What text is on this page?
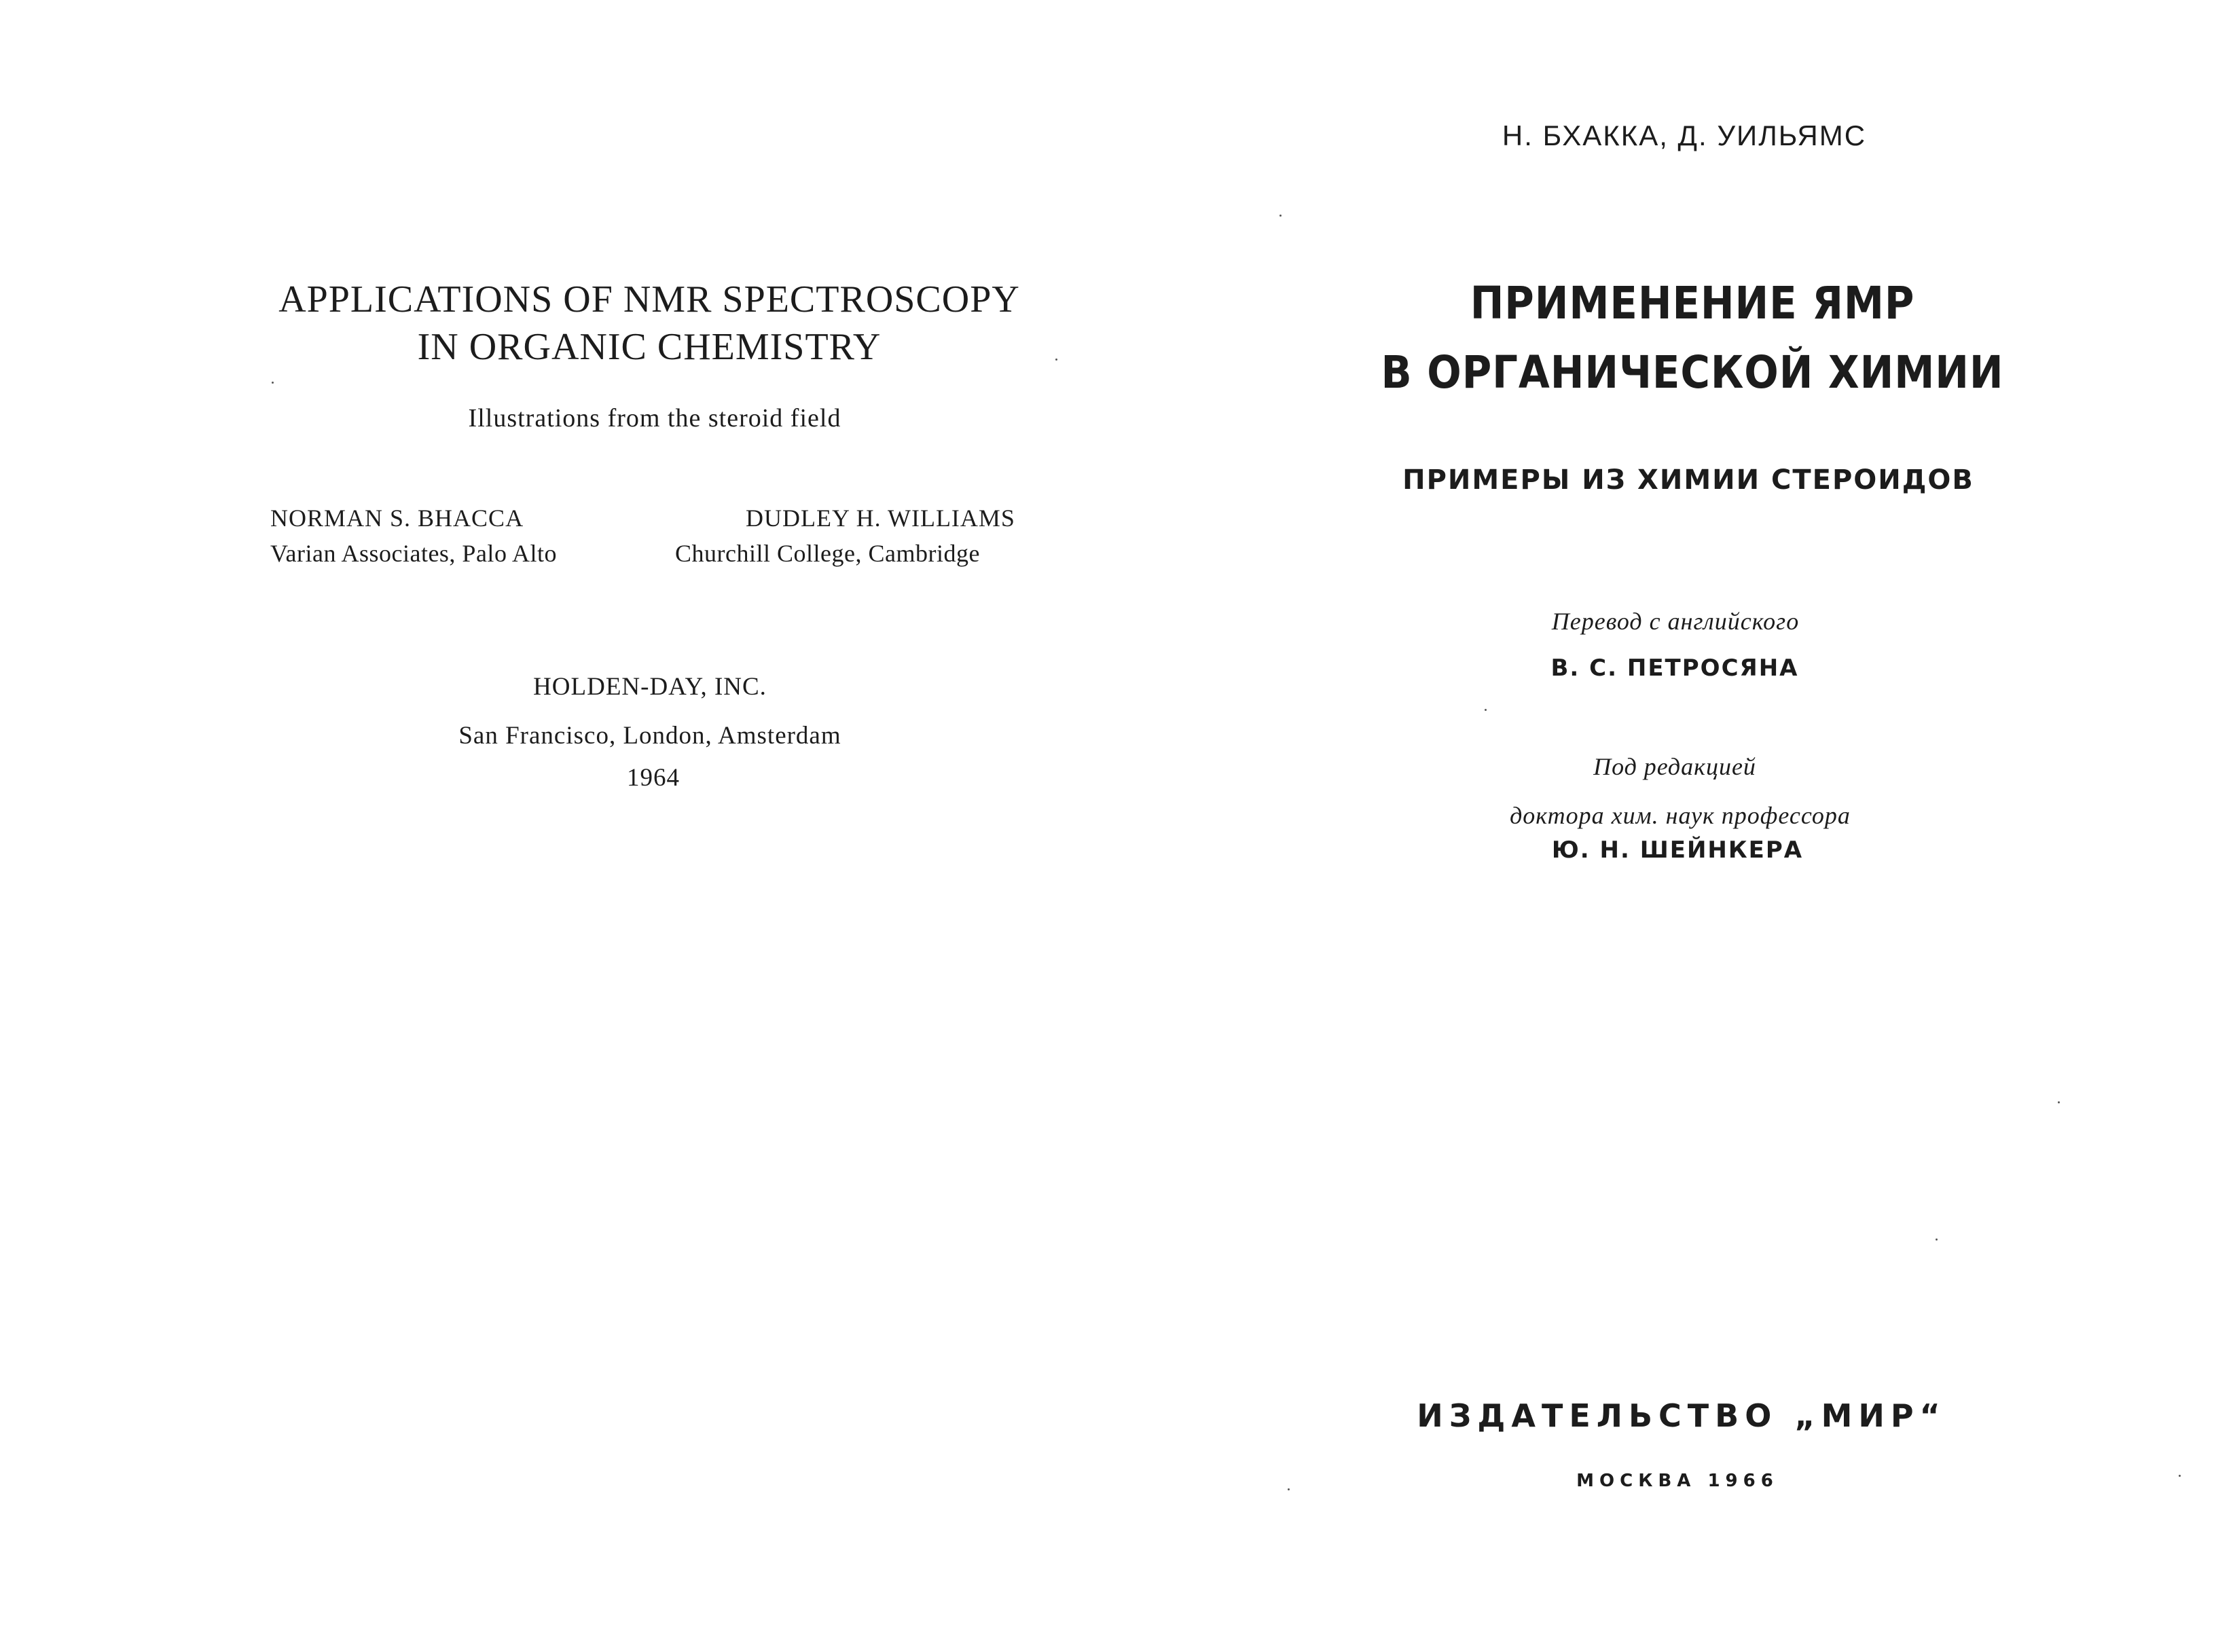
APPLICATIONS OF NMR SPECTROSCOPY
IN ORGANIC CHEMISTRY
Illustrations from the steroid field
NORMAN S. BHACCA
Varian Associates, Palo Alto
DUDLEY H. WILLIAMS
Churchill College, Cambridge
HOLDEN-DAY, INC.
San Francisco, London, Amsterdam
1964
Н. БХАККА, Д. УИЛЬЯМС
ПРИМЕНЕНИЕ ЯМР
В ОРГАНИЧЕСКОЙ ХИМИИ
ПРИМЕРЫ ИЗ ХИМИИ СТЕРОИДОВ
Перевод с английского
В. С. ПЕТРОСЯНА
Под редакцией
доктора хим. наук профессора
Ю. Н. ШЕЙНКЕРА
ИЗДАТЕЛЬСТВО „МИР“
МОСКВА 1966
